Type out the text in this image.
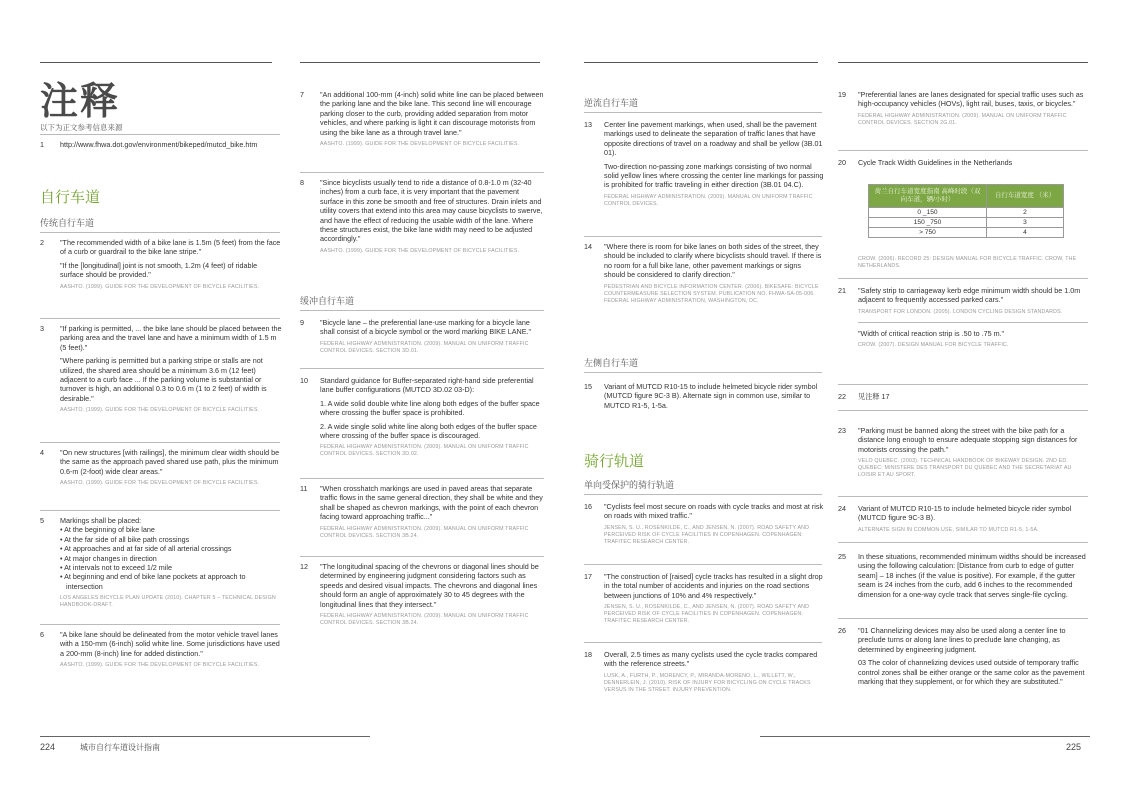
注释
以下为正文参考信息来源
1 http://www.fhwa.dot.gov/environment/bikeped/mutcd_bike.htm

自行车道
传统自行车道
2 "The recommended width of a bike lane is 1.5m (5 feet) from the face of a curb or guardrail to the bike lane stripe."

"If the [longitudinal] joint is not smooth, 1.2m (4 feet) of ridable surface should be provided."

AASHTO. (1999). GUIDE FOR THE DEVELOPMENT OF BICYCLE FACILITIES.

3 "If parking is permitted, ... the bike lane should be placed between the parking area and the travel lane and have a minimum width of 1.5 m (5 feet)."

"Where parking is permitted but a parking stripe or stalls are not utilized, the shared area should be a minimum 3.6 m (12 feet) adjacent to a curb face ... If the parking volume is substantial or turnover is high, an additional 0.3 to 0.6 m (1 to 2 feet) of width is desirable."

AASHTO. (1999). GUIDE FOR THE DEVELOPMENT OF BICYCLE FACILITIES.

4 "On new structures [with railings], the minimum clear width should be the same as the approach paved shared use path, plus the minimum 0.6-m (2-foot) wide clear areas."

AASHTO. (1999). GUIDE FOR THE DEVELOPMENT OF BICYCLE FACILITIES.

5 Markings shall be placed:

• At the beginning of bike lane
• At the far side of all bike path crossings
• At approaches and at far side of all arterial crossings
• At major changes in direction
• At intervals not to exceed 1/2 mile
• At beginning and end of bike lane pockets at approach to intersection

LOS ANGELES BICYCLE PLAN UPDATE (2010). CHAPTER 5 – TECHNICAL DESIGN HANDBOOK-DRAFT.

6 "A bike lane should be delineated from the motor vehicle travel lanes with a 150-mm (6-inch) solid white line. Some jurisdictions have used a 200-mm (8-inch) line for added distinction."

AASHTO. (1999). GUIDE FOR THE DEVELOPMENT OF BICYCLE FACILITIES.

224	城市自行车道设计指南
7 "An additional 100-mm (4-inch) solid white line can be placed between the parking lane and the bike lane. This second line will encourage parking closer to the curb, providing added separation from motor vehicles, and where parking is light it can discourage motorists from using the bike lane as a through travel lane."

AASHTO. (1999). GUIDE FOR THE DEVELOPMENT OF BICYCLE FACILITIES.

8 "Since bicyclists usually tend to ride a distance of 0.8-1.0 m (32-40 inches) from a curb face, it is very important that the pavement surface in this zone be smooth and free of structures. Drain inlets and utility covers that extend into this area may cause bicyclists to swerve, and have the effect of reducing the usable width of the lane. Where these structures exist, the bike lane width may need to be adjusted accordingly."

AASHTO. (1999). GUIDE FOR THE DEVELOPMENT OF BICYCLE FACILITIES.

缓冲自行车道
9 "Bicycle lane – the preferential lane-use marking for a bicycle lane shall consist of a bicycle symbol or the word marking BIKE LANE."

FEDERAL HIGHWAY ADMINISTRATION. (2009). MANUAL ON UNIFORM TRAFFIC CONTROL DEVICES. SECTION 3D.01.

10 Standard guidance for Buffer-separated right-hand side preferential lane buffer configurations (MUTCD 3D.02 03-D):

1. A wide solid double white line along both edges of the buffer space where crossing the buffer space is prohibited.

2. A wide single solid white line along both edges of the buffer space where crossing of the buffer space is discouraged.

FEDERAL HIGHWAY ADMINISTRATION. (2009). MANUAL ON UNIFORM TRAFFIC CONTROL DEVICES. SECTION 3D.02.

11 "When crosshatch markings are used in paved areas that separate traffic flows in the same general direction, they shall be white and they shall be shaped as chevron markings, with the point of each chevron facing toward approaching traffic..."

FEDERAL HIGHWAY ADMINISTRATION. (2009). MANUAL ON UNIFORM TRAFFIC CONTROL DEVICES. SECTION 3B.24.

12 "The longitudinal spacing of the chevrons or diagonal lines should be determined by engineering judgment considering factors such as speeds and desired visual impacts. The chevrons and diagonal lines should form an angle of approximately 30 to 45 degrees with the longitudinal lines that they intersect."

FEDERAL HIGHWAY ADMINISTRATION. (2009). MANUAL ON UNIFORM TRAFFIC CONTROL DEVICES. SECTION 3B.24.

逆流自行车道
13 Center line pavement markings, when used, shall be the pavement markings used to delineate the separation of traffic lanes that have opposite directions of travel on a roadway and shall be yellow (3B.01 01).

Two-direction no-passing zone markings consisting of two normal solid yellow lines where crossing the center line markings for passing is prohibited for traffic traveling in either direction (3B.01 04.C).

FEDERAL HIGHWAY ADMINISTRATION. (2009). MANUAL ON UNIFORM TRAFFIC CONTROL DEVICES.

14 "Where there is room for bike lanes on both sides of the street, they should be included to clarify where bicyclists should travel. If there is no room for a full bike lane, other pavement markings or signs should be considered to clarify direction."

PEDESTRIAN AND BICYCLE INFORMATION CENTER. (2006). BIKESAFE: BICYCLE COUNTERMEASURE SELECTION SYSTEM. PUBLICATION NO. FHWA-SA-05-006. FEDERAL HIGHWAY ADMINISTRATION, WASHINGTON, DC.

左侧自行车道
15 Variant of MUTCD R10-15 to include helmeted bicycle rider symbol (MUTCD figure 9C-3 B). Alternate sign in common use, similar to MUTCD R1-5, 1-5a.

骑行轨道
单向受保护的骑行轨道
16 "Cyclists feel most secure on roads with cycle tracks and most at risk on roads with mixed traffic."

JENSEN, S. U., ROSENKILDE, C., AND JENSEN, N. (2007). ROAD SAFETY AND PERCEIVED RISK OF CYCLE FACILITIES IN COPENHAGEN. COPENHAGEN: TRAFITEC RESEARCH CENTER.

17 "The construction of [raised] cycle tracks has resulted in a slight drop in the total number of accidents and injuries on the road sections between junctions of 10% and 4% respectively."

JENSEN, S. U., ROSENKILDE, C., AND JENSEN, N. (2007). ROAD SAFETY AND PERCEIVED RISK OF CYCLE FACILITIES IN COPENHAGEN. COPENHAGEN: TRAFITEC RESEARCH CENTER.

18 Overall, 2.5 times as many cyclists used the cycle tracks compared with the reference streets."

LUSK, A., FURTH, P., MORENCY, P., MIRANDA-MORENO, L., WILLETT, W., DENNERLEIN, J. (2010). RISK OF INJURY FOR BICYCLING ON CYCLE TRACKS VERSUS IN THE STREET. INJURY PREVENTION.

19 "Preferential lanes are lanes designated for special traffic uses such as high-occupancy vehicles (HOVs), light rail, buses, taxis, or bicycles."

FEDERAL HIGHWAY ADMINISTRATION. (2009). MANUAL ON UNIFORM TRAFFIC CONTROL DEVICES. SECTION 2G.01.

20 Cycle Track Width Guidelines in the Netherlands

荷兰自行车道宽度指南 高峰时段（双向车道，辆/小时）	自行车道宽度 （米）
0 _150	2
150 _750	3
> 750	4

CROW. (2006). RECORD 25: DESIGN MANUAL FOR BICYCLE TRAFFIC. CROW, THE NETHERLANDS.

21 "Safety strip to carriageway kerb edge minimum width should be 1.0m adjacent to frequently accessed parked cars."

TRANSPORT FOR LONDON. (2005). LONDON CYCLING DESIGN STANDARDS.

"Width of critical reaction strip is .50 to .75 m."

CROW. (2007). DESIGN MANUAL FOR BICYCLE TRAFFIC.

22 见注释 17

23 "Parking must be banned along the street with the bike path for a distance long enough to ensure adequate stopping sign distances for motorists crossing the path."

VELO QUEBEC. (2003). TECHNICAL HANDBOOK OF BIKEWAY DESIGN. 2ND ED. QUEBEC: MINISTERE DES TRANSPORT DU QUEBEC AND THE SECRETARIAT AU LOISIR ET AU SPORT.

24 Variant of MUTCD R10-15 to include helmeted bicycle rider symbol (MUTCD figure 9C-3 B).

ALTERNATE SIGN IN COMMON USE, SIMILAR TO MUTCD R1-5, 1-5A.

25 In these situations, recommended minimum widths should be increased using the following calculation: [Distance from curb to edge of gutter seam] – 18 inches (if the value is positive). For example, if the gutter seam is 24 inches from the curb, add 6 inches to the recommended dimension for a one-way cycle track that serves single-file cycling.

26 "01 Channelizing devices may also be used along a center line to preclude turns or along lane lines to preclude lane changing, as determined by engineering judgment.

03 The color of channelizing devices used outside of temporary traffic control zones shall be either orange or the same color as the pavement marking that they supplement, or for which they are substituted."

225
